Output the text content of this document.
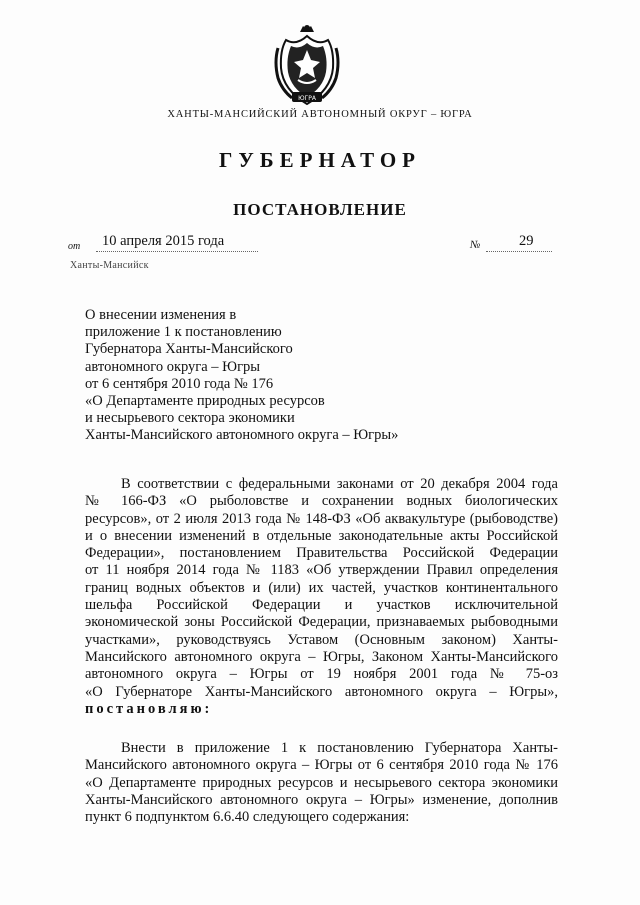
ЮГРА
ХАНТЫ-МАНСИЙСКИЙ АВТОНОМНЫЙ ОКРУГ – ЮГРА
ГУБЕРНАТОР
ПОСТАНОВЛЕНИЕ
от 10 апреля 2015 года	№	29
Ханты-Мансийск
О внесении изменения в
приложение 1 к постановлению
Губернатора Ханты-Мансийского
автономного округа – Югры
от 6 сентября 2010 года № 176
«О Департаменте природных ресурсов
и несырьевого сектора экономики
Ханты-Мансийского автономного округа – Югры»
В соответствии с федеральными законами от 20 декабря 2004 года
№ 166-ФЗ «О рыболовстве и сохранении водных биологических
ресурсов», от 2 июля 2013 года № 148-ФЗ «Об аквакультуре (рыбоводстве)
и о внесении изменений в отдельные законодательные акты Российской
Федерации», постановлением Правительства Российской Федерации
от 11 ноября 2014 года № 1183 «Об утверждении Правил определения
границ водных объектов и (или) их частей, участков континентального
шельфа Российской Федерации и участков исключительной
экономической зоны Российской Федерации, признаваемых рыбоводными
участками», руководствуясь Уставом (Основным законом) Ханты-
Мансийского автономного округа – Югры, Законом Ханты-Мансийского
автономного округа – Югры от 19 ноября 2001 года № 75-оз
«О Губернаторе Ханты-Мансийского автономного округа – Югры»,
постановляю:
Внести в приложение 1 к постановлению Губернатора Ханты-
Мансийского автономного округа – Югры от 6 сентября 2010 года № 176
«О Департаменте природных ресурсов и несырьевого сектора экономики
Ханты-Мансийского автономного округа – Югры» изменение, дополнив
пункт 6 подпунктом 6.6.40 следующего содержания:
